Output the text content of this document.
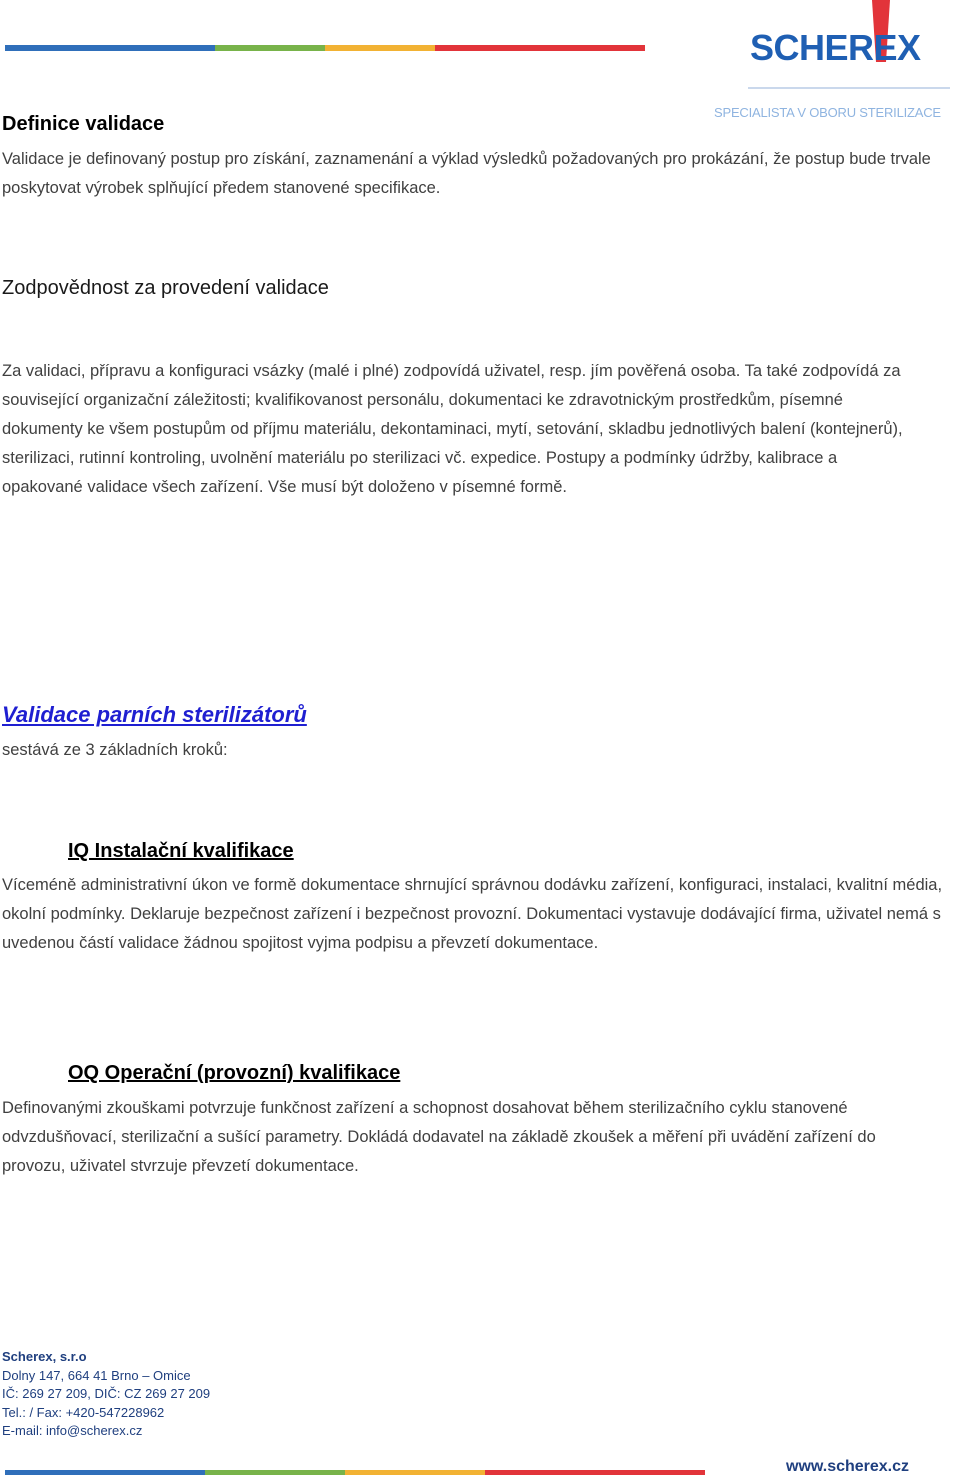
SCHEREX
SPECIALISTA V OBORU STERILIZACE
Definice validace

Validace je definovaný postup pro získání, zaznamenání a výklad výsledků požadovaných pro prokázání, že postup bude trvale poskytovat výrobek splňující předem stanovené specifikace.

Zodpovědnost za provedení validace

Za validaci, přípravu a konfiguraci vsázky (malé i plné) zodpovídá uživatel, resp. jím pověřená osoba. Ta také zodpovídá za související organizační záležitosti; kvalifikovanost personálu, dokumentaci ke zdravotnickým prostředkům, písemné dokumenty ke všem postupům od příjmu materiálu, dekontaminaci, mytí, setování, skladbu jednotlivých balení (kontejnerů), sterilizaci, rutinní kontroling, uvolnění materiálu po sterilizaci vč. expedice. Postupy a podmínky údržby, kalibrace a opakované validace všech zařízení. Vše musí být doloženo v písemné formě.

Validace parních sterilizátorů

sestává ze 3 základních kroků:

IQ Instalační kvalifikace

Víceméně administrativní úkon ve formě dokumentace shrnující správnou dodávku zařízení, konfiguraci, instalaci, kvalitní média, okolní podmínky. Deklaruje bezpečnost zařízení i bezpečnost provozní. Dokumentaci vystavuje dodávající firma, uživatel nemá s uvedenou částí validace žádnou spojitost vyjma podpisu a převzetí dokumentace.

OQ Operační (provozní) kvalifikace

Definovanými zkouškami potvrzuje funkčnost zařízení a schopnost dosahovat během sterilizačního cyklu stanovené odvzdušňovací, sterilizační a sušící parametry. Dokládá dodavatel na základě zkoušek a měření při uvádění zařízení do provozu, uživatel stvrzuje převzetí dokumentace.

Scherex, s.r.o
Dolny 147, 664 41 Brno – Omice
IČ: 269 27 209, DIČ: CZ 269 27 209
Tel.: / Fax: +420-547228962
E-mail: info@scherex.cz
www.scherex.cz
